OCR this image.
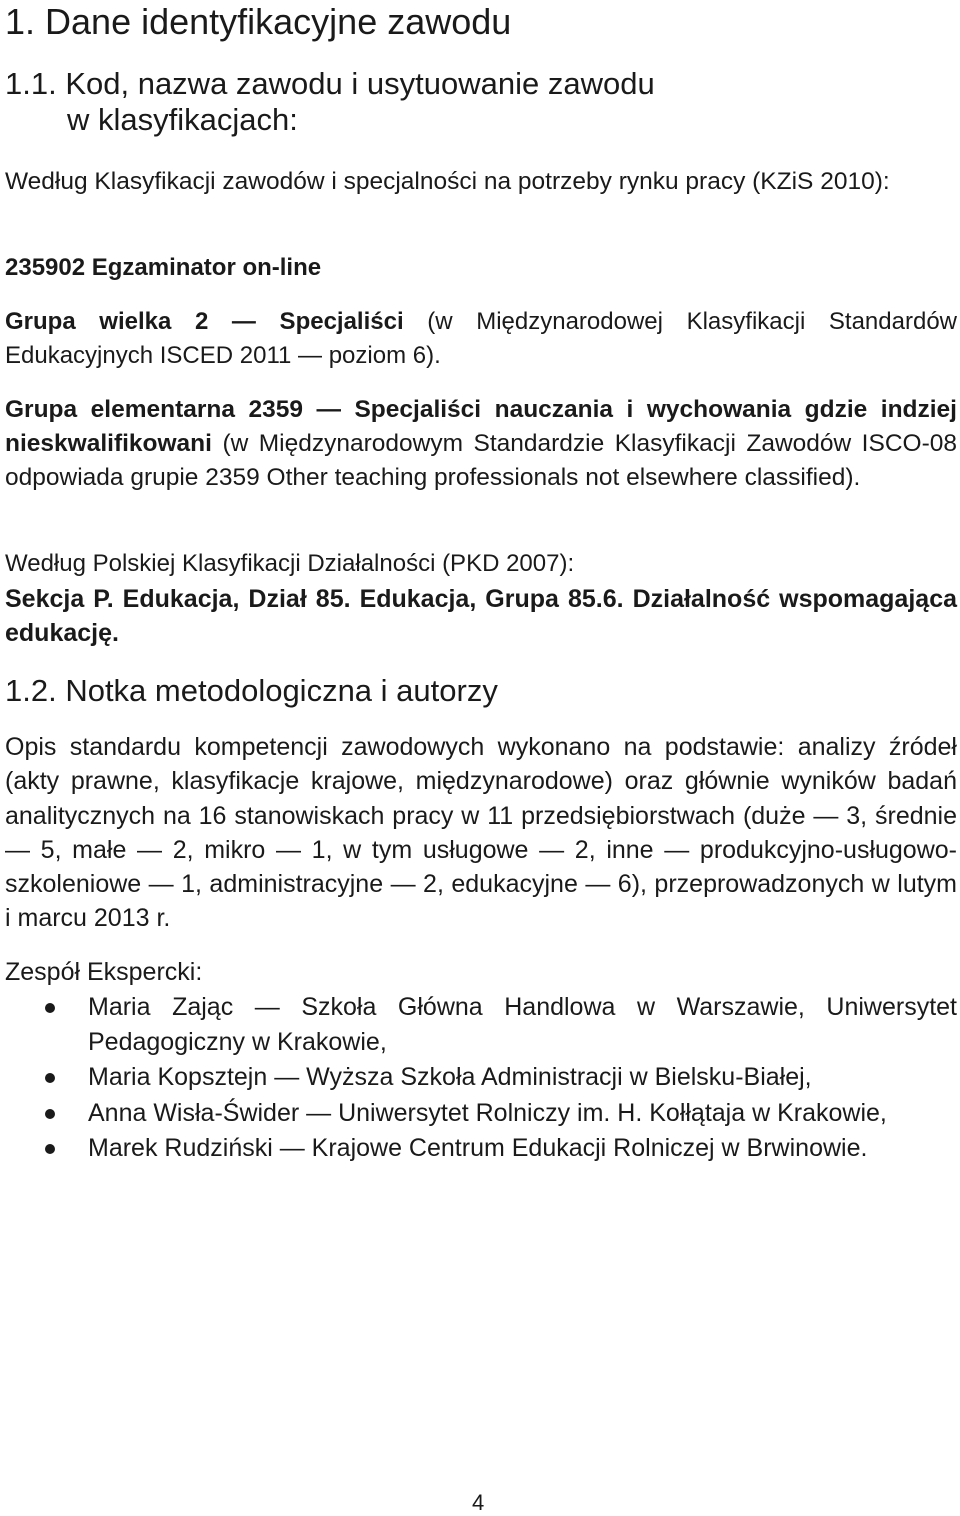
1. Dane identyfikacyjne zawodu
1.1. Kod, nazwa zawodu i usytuowanie zawodu
w klasyfikacjach:

Według Klasyfikacji zawodów i specjalności na potrzeby rynku pracy (KZiS 2010):

235902 Egzaminator on-line

Grupa wielka 2 — Specjaliści (w Międzynarodowej Klasyfikacji Standardów Edukacyjnych ISCED 2011 — poziom 6).

Grupa elementarna 2359 — Specjaliści nauczania i wychowania gdzie indziej nieskwalifikowani (w Międzynarodowym Standardzie Klasyfikacji Zawodów ISCO-08 odpowiada grupie 2359 Other teaching professionals not elsewhere classified).

Według Polskiej Klasyfikacji Działalności (PKD 2007):

Sekcja P. Edukacja, Dział 85. Edukacja, Grupa 85.6. Działalność wspomagająca edukację.

1.2. Notka metodologiczna i autorzy

Opis standardu kompetencji zawodowych wykonano na podstawie: analizy źródeł (akty prawne, klasyfikacje krajowe, międzynarodowe) oraz głównie wyników badań analitycznych na 16 stanowiskach pracy w 11 przedsiębiorstwach (duże — 3, średnie — 5, małe — 2, mikro — 1, w tym usługowe — 2, inne — produkcyjno-usługowo-szkoleniowe — 1, administracyjne — 2, edukacyjne — 6), przeprowadzonych w lutym i marcu 2013 r.

Zespół Ekspercki:

Maria Zając — Szkoła Główna Handlowa w Warszawie, Uniwersytet Pedagogiczny w Krakowie,
Maria Kopsztejn — Wyższa Szkoła Administracji w Bielsku-Białej,
Anna Wisła-Świder — Uniwersytet Rolniczy im. H. Kołłątaja w Krakowie,
Marek Rudziński — Krajowe Centrum Edukacji Rolniczej w Brwinowie.
4
